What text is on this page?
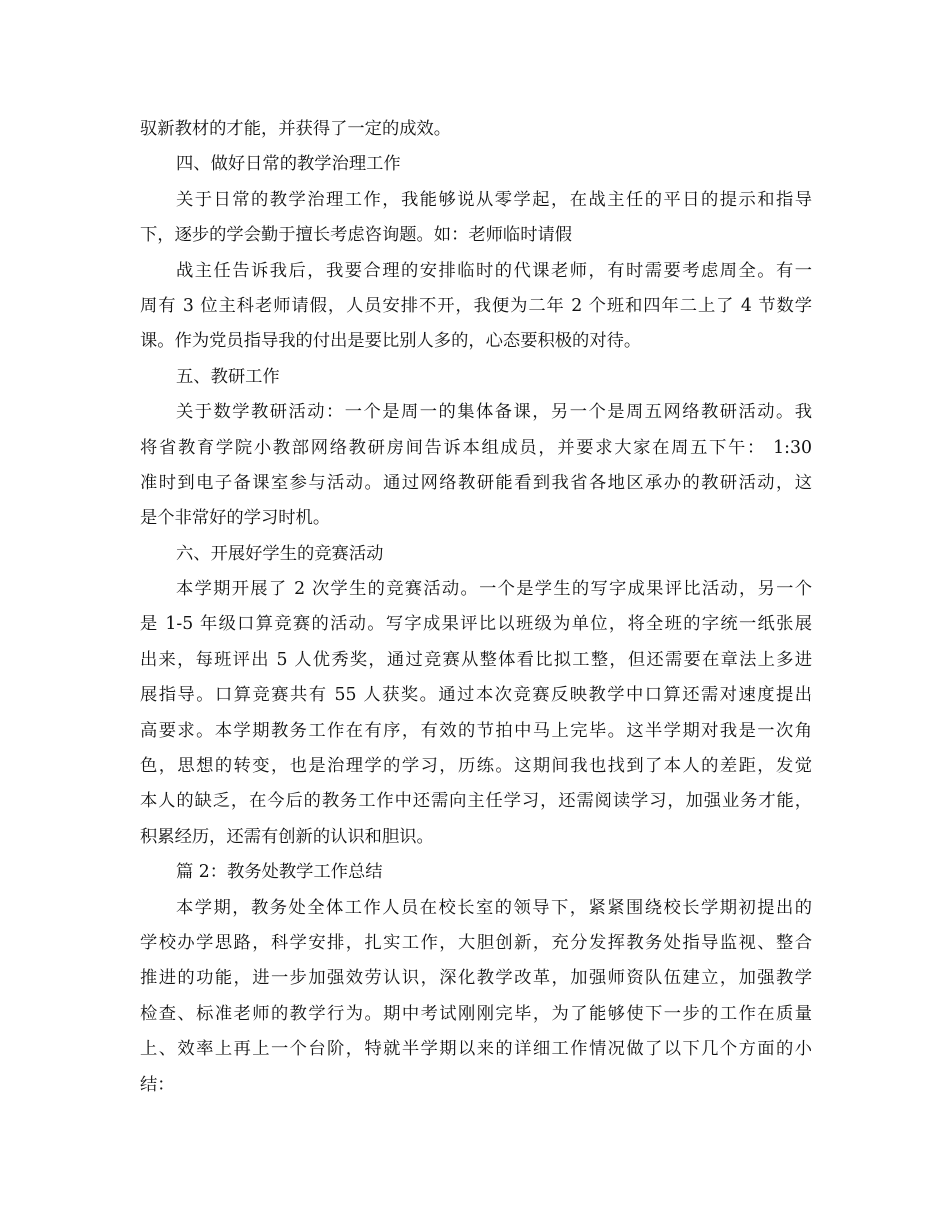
驭新教材的才能，并获得了一定的成效。
四、做好日常的教学治理工作
关于日常的教学治理工作，我能够说从零学起，在战主任的平日的提示和指导
下，逐步的学会勤于擅长考虑咨询题。如：老师临时请假
战主任告诉我后，我要合理的安排临时的代课老师，有时需要考虑周全。有一
周有 3 位主科老师请假，人员安排不开，我便为二年 2 个班和四年二上了 4 节数学
课。作为党员指导我的付出是要比别人多的，心态要积极的对待。
五、教研工作
关于数学教研活动：一个是周一的集体备课，另一个是周五网络教研活动。我
将省教育学院小教部网络教研房间告诉本组成员，并要求大家在周五下午： 1:30
准时到电子备课室参与活动。通过网络教研能看到我省各地区承办的教研活动，这
是个非常好的学习时机。
六、开展好学生的竞赛活动
本学期开展了 2 次学生的竞赛活动。一个是学生的写字成果评比活动，另一个
是 1-5 年级口算竞赛的活动。写字成果评比以班级为单位，将全班的字统一纸张展
出来，每班评出 5 人优秀奖，通过竞赛从整体看比拟工整，但还需要在章法上多进
展指导。口算竞赛共有 55 人获奖。通过本次竞赛反映教学中口算还需对速度提出
高要求。本学期教务工作在有序，有效的节拍中马上完毕。这半学期对我是一次角
色，思想的转变，也是治理学的学习，历练。这期间我也找到了本人的差距，发觉
本人的缺乏，在今后的教务工作中还需向主任学习，还需阅读学习，加强业务才能，
积累经历，还需有创新的认识和胆识。
篇 2：教务处教学工作总结
本学期，教务处全体工作人员在校长室的领导下，紧紧围绕校长学期初提出的
学校办学思路，科学安排，扎实工作，大胆创新，充分发挥教务处指导监视、整合
推进的功能，进一步加强效劳认识，深化教学改革，加强师资队伍建立，加强教学
检查、标准老师的教学行为。期中考试刚刚完毕，为了能够使下一步的工作在质量
上、效率上再上一个台阶，特就半学期以来的详细工作情况做了以下几个方面的小
结：
